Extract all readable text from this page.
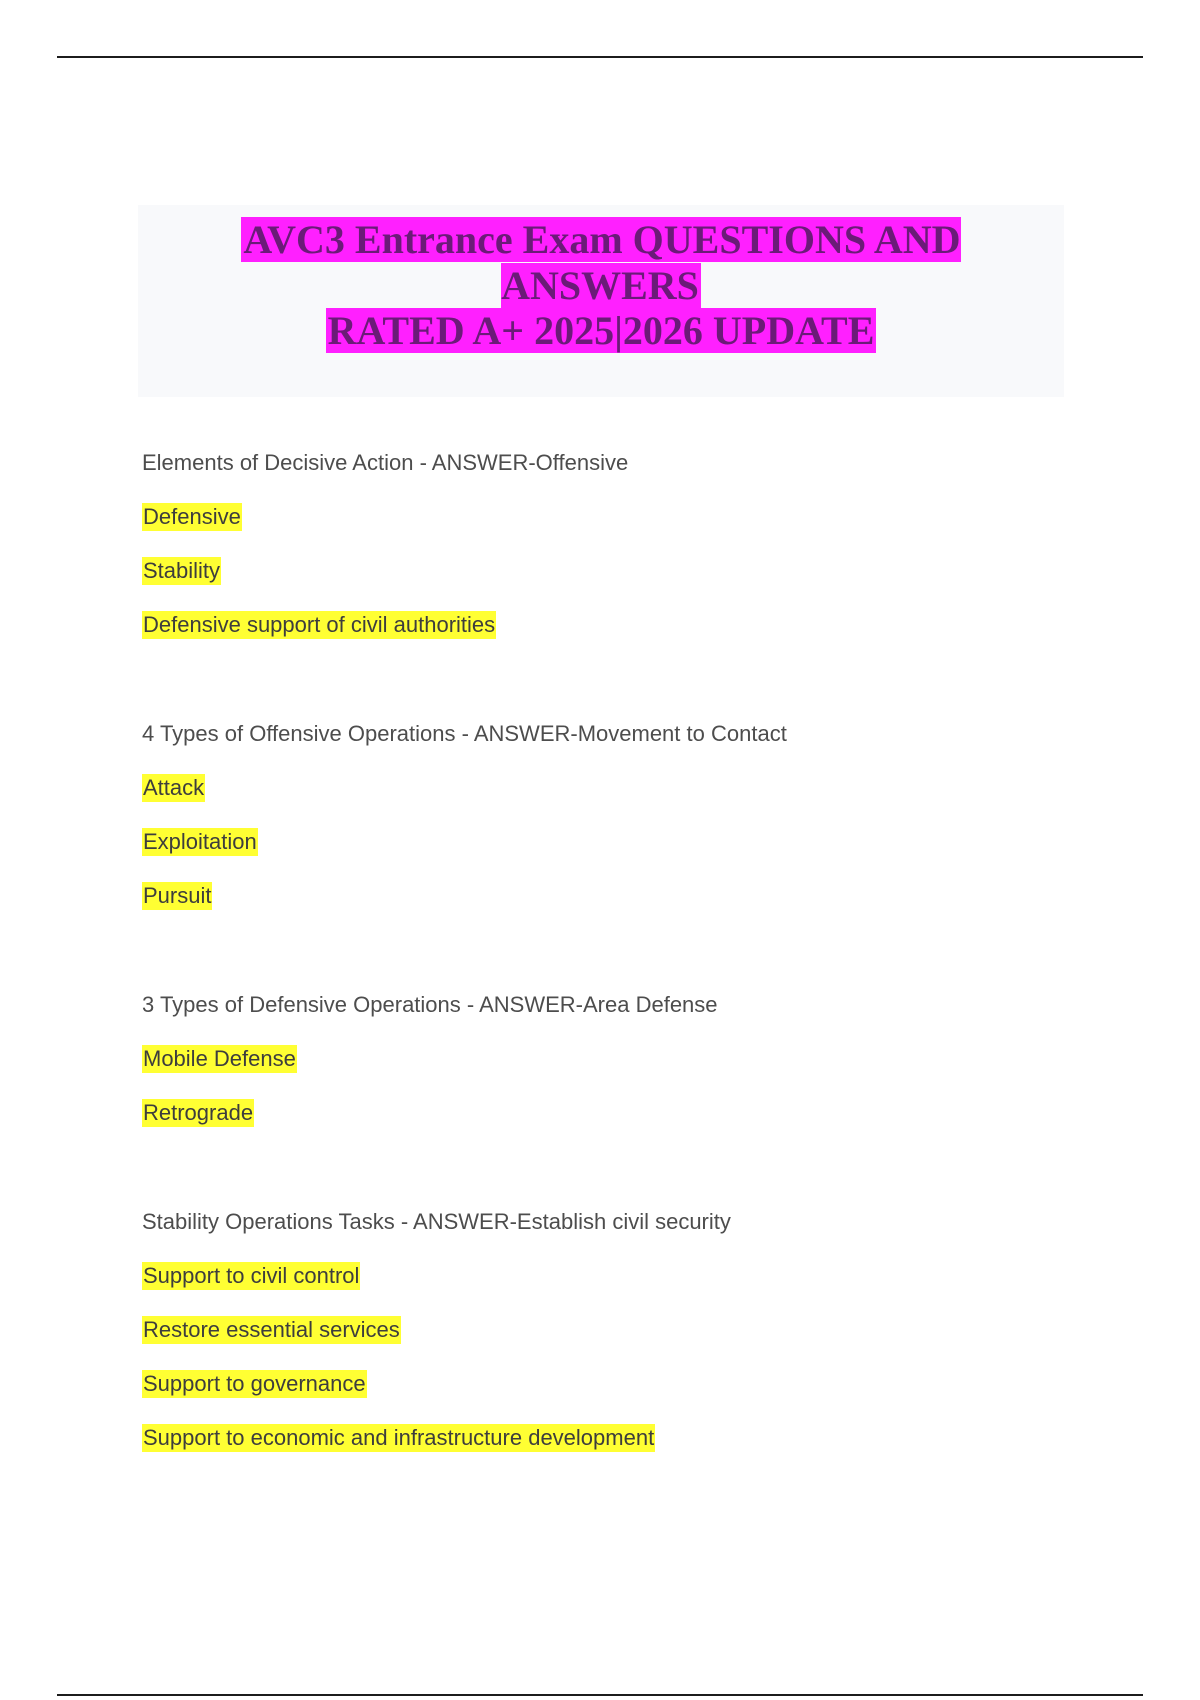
AVC3 Entrance Exam QUESTIONS AND ANSWERS
RATED A+ 2025|2026 UPDATE
Elements of Decisive Action - ANSWER-Offensive
Defensive
Stability
Defensive support of civil authorities
4 Types of Offensive Operations - ANSWER-Movement to Contact
Attack
Exploitation
Pursuit
3 Types of Defensive Operations - ANSWER-Area Defense
Mobile Defense
Retrograde
Stability Operations Tasks - ANSWER-Establish civil security
Support to civil control
Restore essential services
Support to governance
Support to economic and infrastructure development
